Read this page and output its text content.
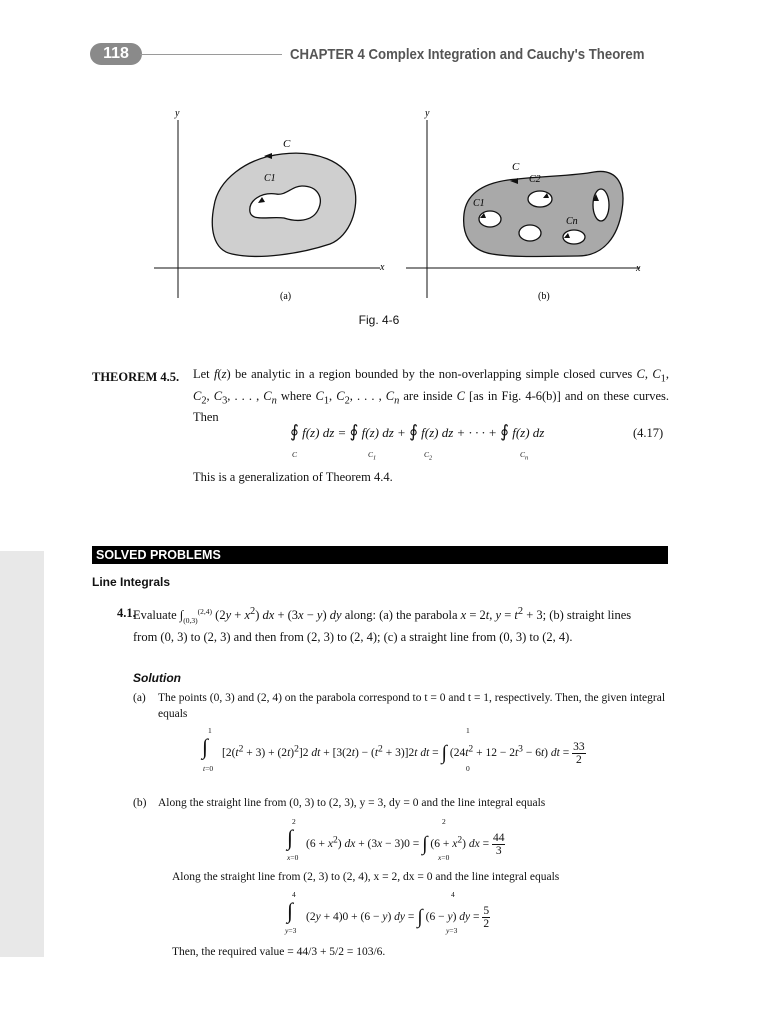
118	CHAPTER 4 Complex Integration and Cauchy's Theorem
y
x
C
C1
(a)
y
x
C
C1
C2
Cn
(b)
Fig. 4-6
THEOREM 4.5. Let f(z) be analytic in a region bounded by the non-overlapping simple closed curves C, $C_1$, $C_2$, $C_3$, . . . , $C_n$ where $C_1$, $C_2$, . . . , $C_n$ are inside C [as in Fig. 4-6(b)] and on these curves. Then
∮ f(z) dz = ∮ f(z) dz + ∮ f(z) dz + · · · + ∮ f(z) dz
C	$C_1$	$C_2$	$C_n$
(4.17)
This is a generalization of Theorem 4.4.
SOLVED PROBLEMS
Line Integrals
4.1.
Evaluate $\int_{(0,3)}^{(2,4)}$ $(2y + x^2)$ dx + (3x − y) dy along: (a) the parabola x = 2t, $y = t^2 + 3$; (b) straight lines
from (0, 3) to (2, 3) and then from (2, 3) to (2, 4); (c) a straight line from (0, 3) to (2, 4).
Solution
(a) The points (0, 3) and (2, 4) on the parabola correspond to t = 0 and t = 1, respectively. Then, the given integral equals
1
∫
t=0
$[2(t^2 + 3) + (2t)^2]2$ dt + $[3(2t) - (t^2 + 3)]2t$ dt = ∫ $(24t^2 + 12 - 2t^3 - 6t)$ dt = $\frac{33}{2}$
1
0
(b) Along the straight line from (0, 3) to (2, 3), y = 3, dy = 0 and the line integral equals
2
∫
x=0
$(6 + x^2)$ dx + (3x − 3)0 = ∫ $(6 + x^2)$ dx = $\frac{44}{3}$
2
x=0
Along the straight line from (2, 3) to (2, 4), x = 2, dx = 0 and the line integral equals
4
∫
y=3
(2y + 4)0 + (6 − y) dy = ∫ (6 − y) dy = $\frac{5}{2}$
4
y=3
Then, the required value = 44/3 + 5/2 = 103/6.
